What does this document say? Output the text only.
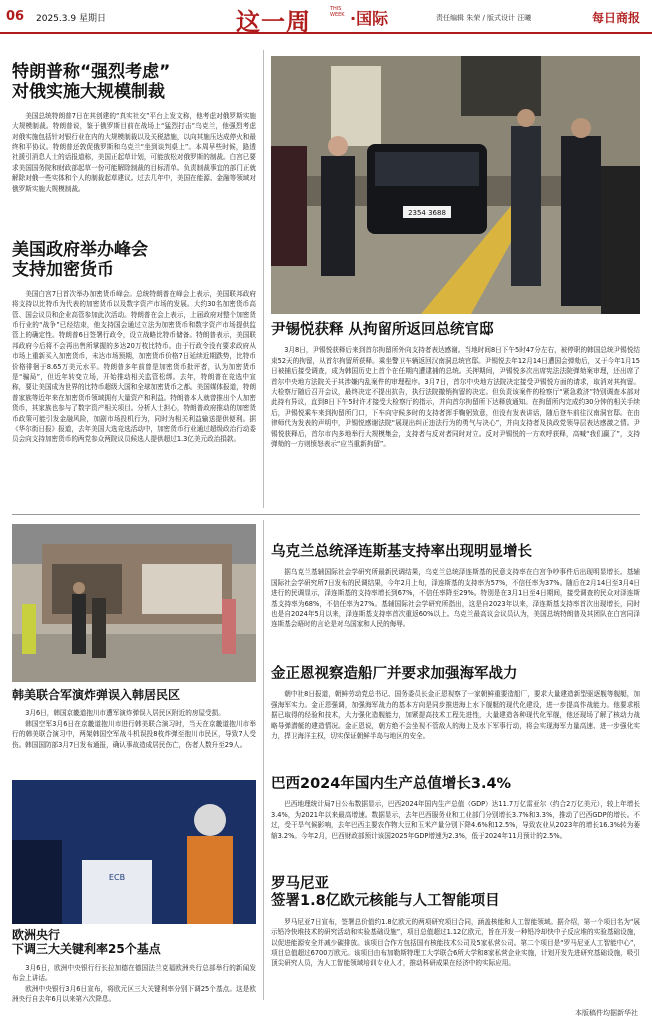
06 2025.3.9 星期日	这一周	THIS WEEK ·国际	责任编辑 朱荣 / 版式设计 汪曦	每日商报
特朗普称“强烈考虑”
对俄实施大规模制裁

美国总统特朗普7日在其创建的“真实社交”平台上发文称，他考虑对俄罗斯实施大规模制裁。特朗普说，鉴于俄罗斯目前在战场上“猛烈打击”乌克兰，他强烈考虑对俄实施包括针对银行业在内的大规模制裁以及关税措施，以向其施压达成停火和最终和平协议。特朗普还敦促俄罗斯和乌克兰“坐到谈判桌上”。本周早些时候，路透社援引消息人士的话报道称，美国正起草计划，可能放松对俄罗斯的制裁。白宫已要求美国国务院和财政部起草一份可能解除制裁的目标清单。负责制裁事宜的部门正就解除对俄一些实体和个人的制裁起草建议。过去几年中，美国在能源、金融等领域对俄罗斯实施大规模制裁。

美国政府举办峰会
支持加密货币

美国白宫7日首次举办加密货币峰会。总统特朗普在峰会上表示，美国联邦政府将支持以比特币为代表的加密货币以及数字资产市场的发展。大约30名加密货币高管、国会议员和企业高管参加此次活动。特朗普在会上表示，上届政府对整个加密货币行业的“战争”已经结束，他支持国会通过立法为加密货币和数字资产市场提供监管上的确定性。特朗普6日签署行政令，设立战略比特币储备。特朗普表示，美国联邦政府今后将不会再出售所掌握的多达20万枚比特币。由于行政令没有要求政府从市场上重新买入加密货币，未达市场预期，加密货币价格7日延续近期跌势，比特币价格徘徊于8.65万美元水平。特朗普多年前曾是加密货币批评者，认为加密货币是“骗局”，但近年转变立场，开始推动相关监管松绑。去年，特朗普在竞选中宣称，要让美国成为世界的比特币超级大国和全球加密货币之都。美国媒体报道，特朗普家族等近年来在加密货币领域拥有大量资产和利益。特朗普本人就曾推出个人加密货币，其家族也参与了数字资产相关项目。分析人士担心，特朗普政府推动的加密货币政策可能引发金融风险，加剧市场投机行为，同时为相关利益输送提供便利。据《华尔街日报》报道，去年美国大选竞选活动中，加密货币行业通过超级政治行动委员会向支持加密货币的两党参众两院议员候选人提供超过1.3亿美元政治捐款。

2354 3688
尹锡悦获释 从拘留所返回总统官邸

3月8日，尹锡悦获释后来到首尔拘留所外向支持者表达感谢。当地时间8日下午5时47分左右，被停职的韩国总统尹锡悦结束52天的拘留，从首尔拘留所获释。乘坐警卫车辆返回汉南洞总统官邸。尹锡悦去年12月14日遭国会弹劾后，又于今年1月15日被捕后接受调查，成为韩国历史上首个在任期内遭逮捕的总统。关押期间，尹锡悦多次出席宪法法院弹劾案审理，还出席了首尔中央地方法院关于其涉嫌内乱案件的审理程序。3月7日，首尔中央地方法院决定接受尹锡悦方面的请求，取消对其拘留。大检察厅随后召开会议，最终决定不提出抗告，执行法院撤销拘留的决定。但负责该案件的检察厅“紧急救济”特别调查本部对此持有异议，直到8日下午5时许才接受大检察厅的指示，并向首尔拘留所下达释放通知。在拘留所内完成约30分钟的相关手续后，尹锡悦乘车来到拘留所门口，下车向守候多时的支持者挥手鞠躬致意，但没有发表讲话，随后登车前往汉南洞官邸。在由律师代为发表的声明中，尹锡悦感谢法院“展现出纠正违法行为的勇气与决心”，并向支持者及执政党领导层表达感激之情。尹锡悦获释后，首尔市内多地举行大规模集会，支持者与反对者同时对立。反对尹锡悦的一方欢呼获释，高喊“我们赢了”，支持弹劾的一方则愤怒表示“应当重新拘留”。

韩美联合军演炸弹误入韩居民区

3月6日，韩国京畿道抱川市遭军演炸弹误入居民区附近的房屋受损。

韩国空军3月6日在京畿道抱川市进行韩美联合演习时，当天在京畿道抱川市举行的韩美联合演习中，两架韩国空军战斗机误投8枚炸弹至抱川市民区，导致7人受伤。韩国国防部3月7日发布通报，确认事故造成居民伤亡，伤者人数升至29人。

ECB
欧洲央行
下调三大关键利率25个基点

3月6日，欧洲中央银行行长拉加德在德国法兰克福欧洲央行总部举行的新闻发布会上讲话。

欧洲中央银行3月6日宣布，将欧元区三大关键利率分别下调25个基点。这是欧洲央行自去年6月以来第六次降息。

乌克兰总统泽连斯基支持率出现明显增长

据乌克兰基辅国际社会学研究所最新民调结果，乌克兰总统泽连斯基的民意支持率在白宫争吵事件后出现明显增长。基辅国际社会学研究所7日发布的民调结果，今年2月上旬，泽连斯基的支持率为57%，不信任率为37%。随后在2月14日至3月4日进行的民调显示，泽连斯基的支持率增长到67%，不信任率降至29%。特别是在3月1日至4日期间，接受调查的民众对泽连斯基支持率为68%，不信任率为27%。基辅国际社会学研究所指出，这是自2023年以来，泽连斯基支持率首次出现增长，同时也是自2024年5月以来，泽连斯基支持率首次重返60%以上。乌克兰最高议会议员认为，美国总统特朗普及其团队在白宫同泽连斯基会晤时的言论是对乌国家和人民的侮辱。

金正恩视察造船厂并要求加强海军战力

朝中社8日报道，朝鲜劳动党总书记、国务委员长金正恩视察了一家朝鲜重要造船厂，要求大量建造新型驱逐舰等舰艇，加强海军实力。金正恩强调，加强海军战力的基本方向是同步推进海上水下舰艇的现代化建设，进一步提高作战能力。他要求根据已取得的经验和技术，大力强化造舰能力，加紧提高技术工程先进性，大量建造各种现代化军舰，他还现场了解了核动力战略导弹潜艇的建造情况。金正恩说，朝方绝不会坐视不管敌人的海上及水下军事行动，将会实现海军力量高速、进一步强化实力，捍卫海洋主权，切实保证朝鲜半岛与地区的安全。

巴西2024年国内生产总值增长3.4%

巴西地理统计局7日公布数据显示，巴西2024年国内生产总值（GDP）达11.7万亿雷亚尔（约合2万亿美元），较上年增长3.4%，为2021年以来最高增速。数据显示，去年巴西服务业和工业部门分别增长3.7%和3.3%，推动了巴西GDP的增长。不过，受干旱气候影响，去年巴西主要农作物大豆和玉米产量分别下降4.6%和12.5%，导致农业从2023年的增长16.3%转为萎缩3.2%。今年2月，巴西财政部预计该国2025年GDP增速为2.3%，低于2024年11月预计的2.5%。

罗马尼亚
签署1.8亿欧元核能与人工智能项目

罗马尼亚7日宣布，签署总价值约1.8亿欧元的两项研究项目合同，涵盖核能和人工智能领域。据介绍，第一个项目名为“展示铅冷快堆技术的研究活动和实验基础设施”，项目总值超过1.12亿欧元，旨在开发一种铅冷却快中子反应堆的实验基础设施，以促进能源安全并减少碳排放。该项目合作方包括国有核能技术公司及5家私营公司。第二个项目是“罗马尼亚人工智能中心”，项目总值超过6700万欧元。该项目由布加勒斯特理工大学联合6所大学和8家私营企业实施，计划开发先进研究基础设施，吸引顶尖研究人员，为人工智能领域培训专业人才，推动科研成果在经济中的实际应用。

本版稿件均据新华社
